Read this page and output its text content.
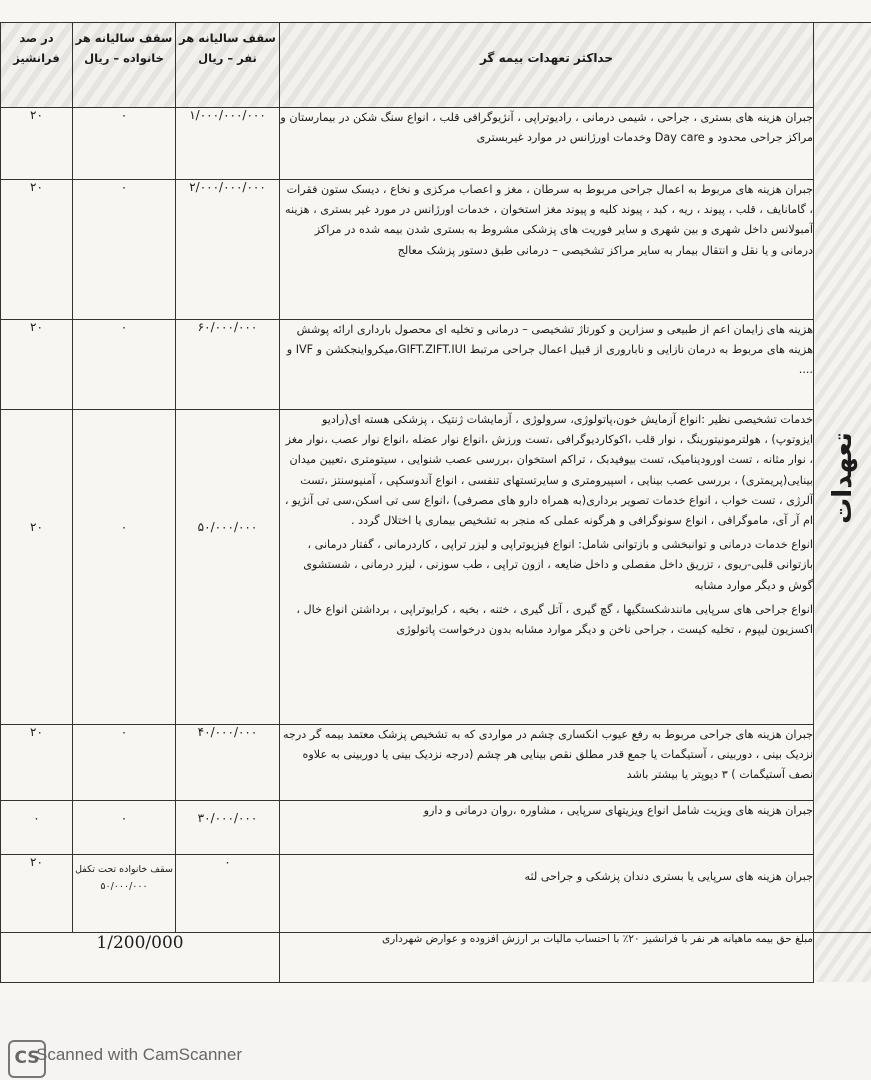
در صد فرانشیز	سقف سالیانه هر خانواده – ریال	سقف سالیانه هر نفر – ریال	حداکثر تعهدات بیمه گر	تعهدات

۲۰	۰	۱/۰۰۰/۰۰۰/۰۰۰	جبران هزینه های بستری ، جراحی ، شیمی درمانی ، رادیوتراپی ، آنژیوگرافی قلب ، انواع سنگ شکن در بیمارستان و مراکز جراحی محدود و Day care وخدمات اورژانس در موارد غیربستری	

۲۰	۰	۲/۰۰۰/۰۰۰/۰۰۰	جبران هزینه های مربوط به اعمال جراحی مربوط به سرطان ، مغز و اعصاب مرکزی و نخاع ، دیسک ستون فقرات ، گامانایف ، قلب ، پیوند ، ریه ، کبد ، پیوند کلیه و پیوند مغز استخوان ، خدمات اورژانس در مورد غیر بستری ، هزینه آمبولانس داخل شهری و بین شهری و سایر فوریت های پزشکی مشروط به بستری شدن بیمه شده در مراکز درمانی و یا نقل و انتقال بیمار به سایر مراکز تشخیصی – درمانی طبق دستور پزشک معالج	

۲۰	۰	۶۰/۰۰۰/۰۰۰	هزینه های زایمان اعم از طبیعی و سزارین و کورتاژ تشخیصی – درمانی و تخلیه ای محصول بارداری ارائه پوشش هزینه های مربوط به درمان نازایی و ناباروری از قبیل اعمال جراحی مرتبط GIFT.ZIFT.IUI،میکرواینجکشن و IVF و ....	

۲۰	۰	۵۰/۰۰۰/۰۰۰	خدمات تشخیصی نظیر :انواع آزمایش خون،پاتولوژی، سرولوژی ، آزمایشات ژنتیک ، پزشکی هسته ای(رادیو ایزوتوپ) ، هولترمونیتورینگ ، نوار قلب ،اکوکاردیوگرافی ،تست ورزش ،انواع نوار عضله ،انواع نوار عصب ،نوار مغز ، نوار مثانه ، تست اورودینامیک، تست بیوفیدبک ، تراکم استخوان ،بررسی عصب شنوایی ، سیتومتری ،تعیین میدان بینایی(پریمتری) ، بررسی عصب بینایی ، اسپیرومتری و سایرتستهای تنفسی ، انواع آندوسکپی ، آمنیوسنتز ،تست آلرژی ، تست خواب ، انواع خدمات تصویر برداری(به همراه دارو های مصرفی) ،انواع سی تی اسکن،سی تی آنژیو ، ام آر آی، ماموگرافی ، انواع سونوگرافی و هرگونه عملی که منجر به تشخیص بیماری یا اختلال گردد .
انواع خدمات درمانی و توانبخشی و بازتوانی شامل: انواع فیزیوتراپی و لیزر تراپی ، کاردرمانی ، گفتار درمانی ، بازتوانی قلبی-ریوی ، تزریق داخل مفصلی و داخل ضایعه ، ازون تراپی ، طب سوزنی ، لیزر درمانی ، شستشوی گوش و دیگر موارد مشابه
انواع جراحی های سرپایی مانندشکستگیها ، گچ گیری ، آتل گیری ، ختنه ، بخیه ، کرایوتراپی ، برداشتن انواع خال ، اکسزیون لیپوم ، تخلیه کیست ، جراحی ناخن و دیگر موارد مشابه بدون درخواست پاتولوژی	

۲۰	۰	۴۰/۰۰۰/۰۰۰	جبران هزینه های جراحی مربوط به رفع عیوب انکساری چشم در مواردی که به تشخیص پزشک معتمد بیمه گر درجه نزدیک بینی ، دوربینی ، آستیگمات یا جمع قدر مطلق نقص بینایی هر چشم (درجه نزدیک بینی یا دوربینی به علاوه نصف آستیگمات ) ۳ دیوپتر یا بیشتر باشد	

۰	۰	۳۰/۰۰۰/۰۰۰	جبران هزینه های ویزیت شامل انواع ویزیتهای سرپایی ، مشاوره ،روان درمانی و دارو	

۲۰	سقف خانواده تحت تکفل ۵۰/۰۰۰/۰۰۰	۰	جبران هزینه های سرپایی یا بستری دندان پزشکی و جراحی لثه	

1/200/000			مبلغ حق بیمه ماهیانه هر نفر با فرانشیز ۲۰٪ با احتساب مالیات بر ارزش افزوده و عوارض شهرداری	
CS
Scanned with CamScanner
